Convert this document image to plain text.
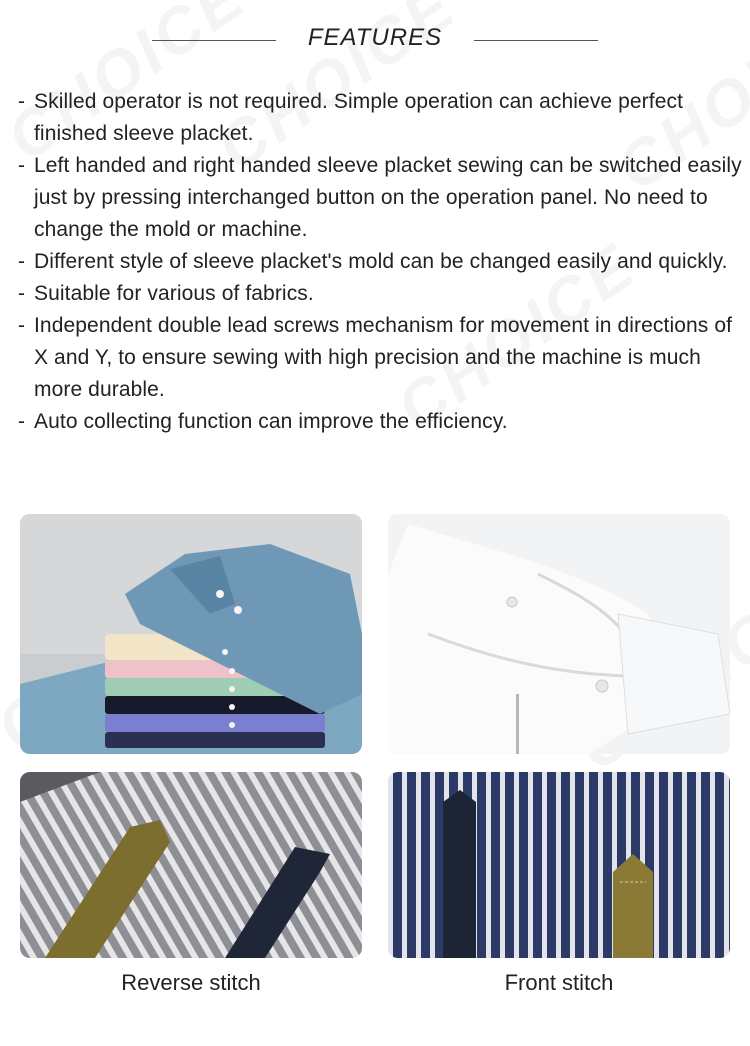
FEATURES
- Skilled operator is not required. Simple operation can achieve perfect finished sleeve placket.
- Left handed and right handed sleeve placket sewing can be switched easily just by pressing interchanged button on the operation panel. No need to change the mold or machine.
- Different style of sleeve placket's mold can be changed easily and quickly.
- Suitable for various of fabrics.
- Independent double lead screws mechanism for movement in directions of X and Y, to ensure sewing with high precision and the machine is much more durable.
- Auto collecting function can improve the efficiency.
Reverse stitch	Front stitch
